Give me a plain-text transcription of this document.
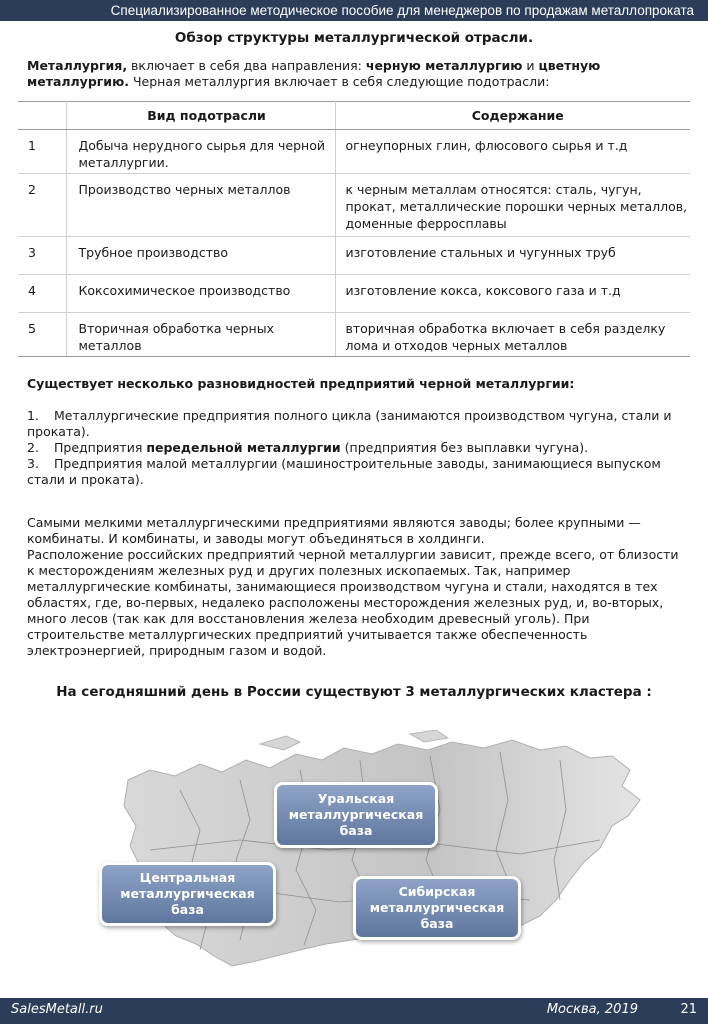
Специализированное методическое пособие для менеджеров по продажам металлопроката
Обзор структуры металлургической отрасли.
Металлургия, включает в себя два направления: черную металлургию и цветную металлургию. Черная металлургия включает в себя следующие подотрасли:
	Вид подотрасли	Содержание
1	Добыча нерудного сырья для черной металлургии.	огнеупорных глин, флюсового сырья и т.д
2	Производство черных металлов	к черным металлам относятся: сталь, чугун, прокат, металлические порошки черных металлов, доменные ферросплавы
3	Трубное производство	изготовление стальных и чугунных труб
4	Коксохимическое производство	изготовление кокса, коксового газа и т.д
5	Вторичная обработка черных металлов	вторичная обработка включает в себя разделку лома и отходов черных металлов
Существует несколько разновидностей предприятий черной металлургии:
1. Металлургические предприятия полного цикла (занимаются производством чугуна, стали и проката).
2. Предприятия передельной металлургии (предприятия без выплавки чугуна).
3. Предприятия малой металлургии (машиностроительные заводы, занимающиеся выпуском стали и проката).
Самыми мелкими металлургическими предприятиями являются заводы; более крупными — комбинаты. И комбинаты, и заводы могут объединяться в холдинги.
Расположение российских предприятий черной металлургии зависит, прежде всего, от близости к месторождениям железных руд и других полезных ископаемых. Так, например металлургические комбинаты, занимающиеся производством чугуна и стали, находятся в тех областях, где, во-первых, недалеко расположены месторождения железных руд, и, во-вторых, много лесов (так как для восстановления железа необходим древесный уголь). При строительстве металлургических предприятий учитывается также обеспеченность электроэнергией, природным газом и водой.
На сегодняшний день в России существуют 3 металлургических кластера :
Уральская
металлургическая
база
Центральная
металлургическая
база
Сибирская
металлургическая
база
SalesMetall.ru	Москва, 2019	21
